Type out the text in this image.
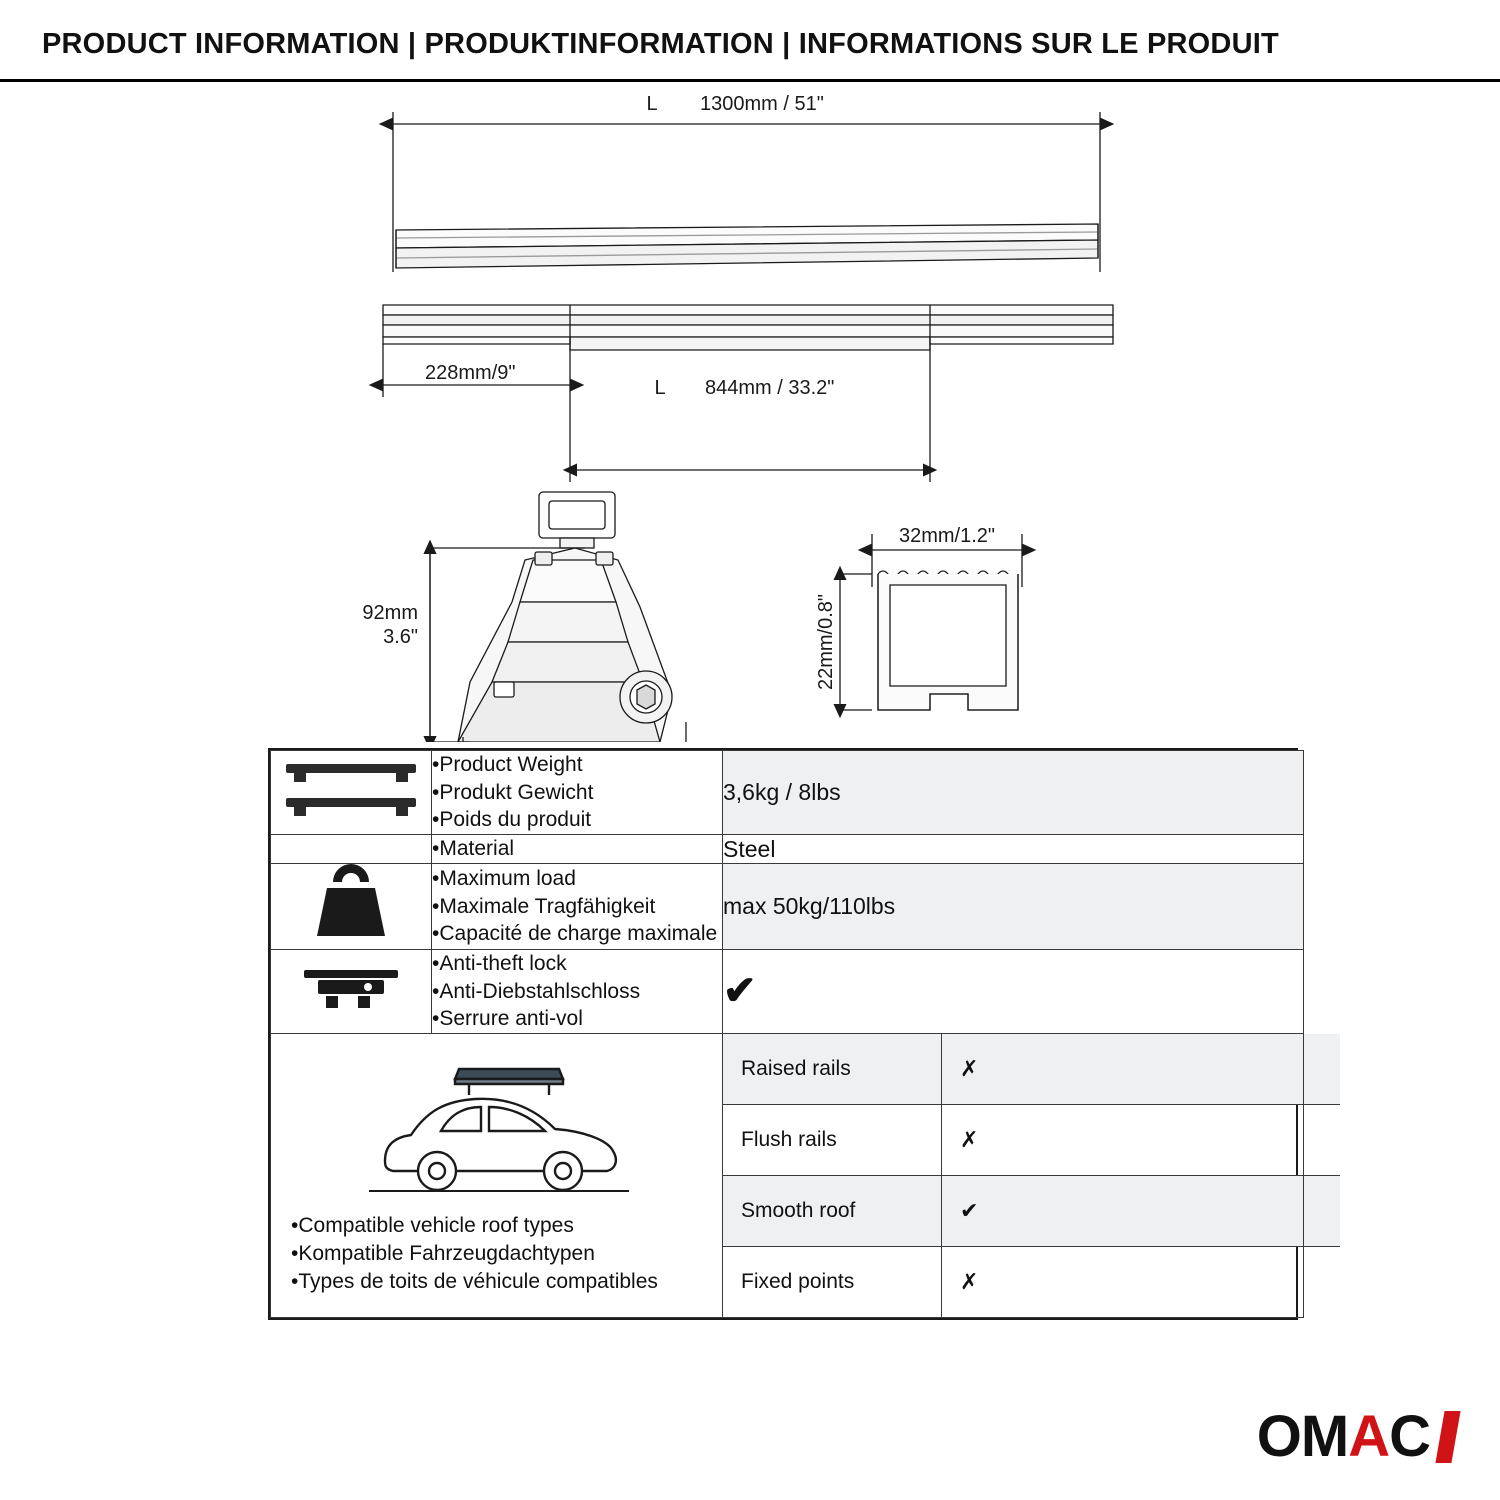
PRODUCT INFORMATION | PRODUKTINFORMATION | INFORMATIONS SUR LE PRODUIT
L 1300mm / 51"
228mm/9"
L 844mm / 33.2"
92mm
3.6"
32mm/1.2"
22mm/0.8"

•Product Weight
•Produkt Gewicht
•Poids du produit
	3,6kg / 8lbs

•Material	Steel

•Maximum load
•Maximale Tragfähigkeit
•Capacité de charge maximale
	max 50kg/110lbs

•Anti-theft lock
•Anti-Diebstahlschloss
•Serrure anti-vol
	✔

•Compatible vehicle roof types
•Kompatible Fahrzeugdachtypen
•Types de toits de véhicule compatibles

Raised rails	✗
Flush rails	✗
Smooth roof	✔
Fixed points	✗
OMAC
